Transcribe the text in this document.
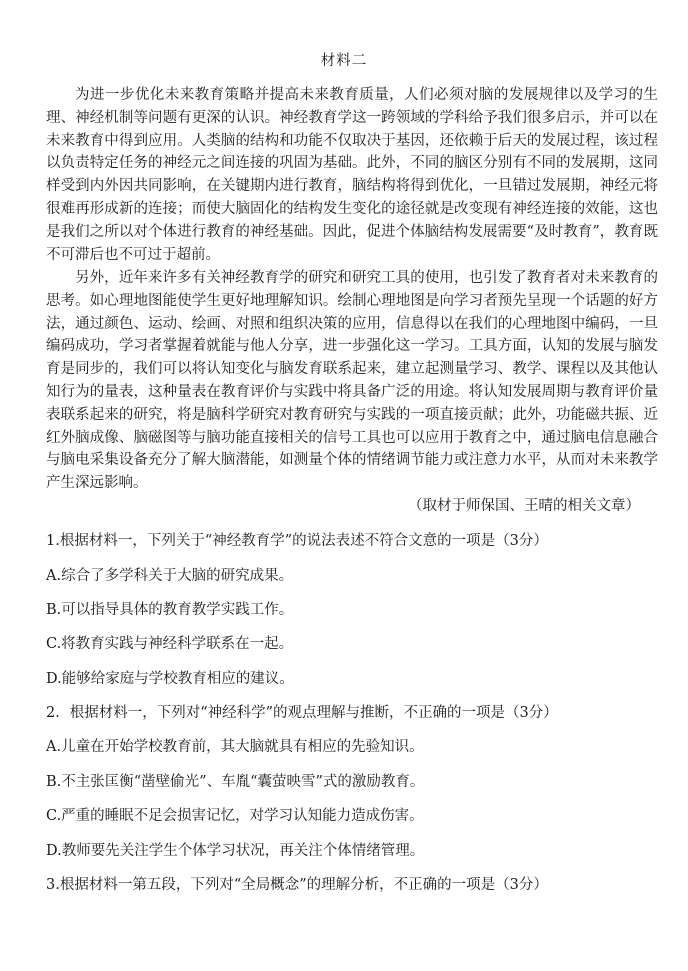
材料二

为进一步优化未来教育策略并提高未来教育质量，人们必须对脑的发展规律以及学习的生理、神经机制等问题有更深的认识。神经教育学这一跨领域的学科给予我们很多启示，并可以在未来教育中得到应用。人类脑的结构和功能不仅取决于基因，还依赖于后天的发展过程，该过程以负责特定任务的神经元之间连接的巩固为基础。此外，不同的脑区分别有不同的发展期，这同样受到内外因共同影响，在关键期内进行教育，脑结构将得到优化，一旦错过发展期，神经元将很难再形成新的连接；而使大脑固化的结构发生变化的途径就是改变现有神经连接的效能，这也是我们之所以对个体进行教育的神经基础。因此，促进个体脑结构发展需要“及时教育”，教育既不可滞后也不可过于超前。

另外，近年来许多有关神经教育学的研究和研究工具的使用，也引发了教育者对未来教育的思考。如心理地图能使学生更好地理解知识。绘制心理地图是向学习者预先呈现一个话题的好方法，通过颜色、运动、绘画、对照和组织决策的应用，信息得以在我们的心理地图中编码，一旦编码成功，学习者掌握着就能与他人分享，进一步强化这一学习。工具方面，认知的发展与脑发育是同步的，我们可以将认知变化与脑发育联系起来，建立起测量学习、教学、课程以及其他认知行为的量表，这种量表在教育评价与实践中将具备广泛的用途。将认知发展周期与教育评价量表联系起来的研究，将是脑科学研究对教育研究与实践的一项直接贡献；此外，功能磁共振、近红外脑成像、脑磁图等与脑功能直接相关的信号工具也可以应用于教育之中，通过脑电信息融合与脑电采集设备充分了解大脑潜能，如测量个体的情绪调节能力或注意力水平，从而对未来教学产生深远影响。

（取材于师保国、王晴的相关文章）
1.根据材料一，下列关于“神经教育学”的说法表述不符合文意的一项是（3分）
A.综合了多学科关于大脑的研究成果。
B.可以指导具体的教育教学实践工作。
C.将教育实践与神经科学联系在一起。
D.能够给家庭与学校教育相应的建议。
2．根据材料一，下列对“神经科学”的观点理解与推断，不正确的一项是（3分）
A.儿童在开始学校教育前，其大脑就具有相应的先验知识。
B.不主张匡衡“凿壁偷光”、车胤“囊萤映雪”式的激励教育。
C.严重的睡眠不足会损害记忆，对学习认知能力造成伤害。
D.教师要先关注学生个体学习状况，再关注个体情绪管理。
3.根据材料一第五段，下列对“全局概念”的理解分析，不正确的一项是（3分）
